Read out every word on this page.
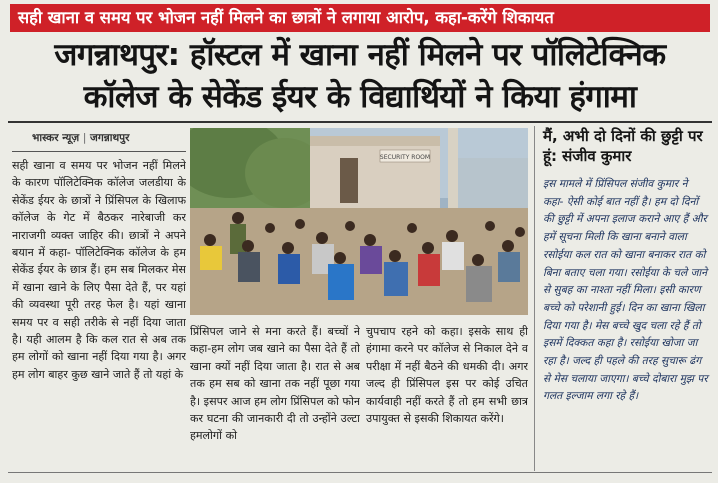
सही खाना व समय पर भोजन नहीं मिलने का छात्रों ने लगाया आरोप, कहा-करेंगे शिकायत
जगन्नाथपुर: हॉस्टल में खाना नहीं मिलने पर पॉलिटेक्निक
कॉलेज के सेकेंड ईयर के विद्यार्थियों ने किया हंगामा
भास्कर न्यूज़ | जगन्नाथपुर
सही खाना व समय पर भोजन नहीं मिलने के कारण पॉलिटेक्निक कॉलेज जलडीया के सेकेंड ईयर के छात्रों ने प्रिंसिपल के खिलाफ कॉलेज के गेट में बैठकर नारेबाजी कर नाराजगी व्यक्त जाहिर की। छात्रों ने अपने बयान में कहा- पॉलिटेक्निक कॉलेज के हम सेकेंड ईयर के छात्र हैं। हम सब मिलकर मेस में खाना खाने के लिए पैसा देते हैं, पर यहां की व्यवस्था पूरी तरह फेल है। यहां खाना समय पर व सही तरीके से नहीं दिया जाता है। यही आलम है कि कल रात से अब तक हम लोगों को खाना नहीं दिया गया है। अगर हम लोग बाहर कुछ खाने जाते हैं तो यहां के
SECURITY ROOM
प्रिंसिपल जाने से मना करते हैं। बच्चों ने कहा-हम लोग जब खाने का पैसा देते हैं तो खाना क्यों नहीं दिया जाता है। रात से अब तक हम सब को खाना तक नहीं पूछा गया है। इसपर आज हम लोग प्रिंसिपल को फोन कर घटना की जानकारी दी तो उन्होंने उल्टा हमलोगों को
चुपचाप रहने को कहा। इसके साथ ही हंगामा करने पर कॉलेज से निकाल देने व परीक्षा में नहीं बैठने की धमकी दी। अगर जल्द ही प्रिंसिपल इस पर कोई उचित कार्यवाही नहीं करते हैं तो हम सभी छात्र उपायुक्त से इसकी शिकायत करेंगे।
मैं, अभी दो दिनों की छुट्टी पर हूं: संजीव कुमार
इस मामले में प्रिंसिपल संजीव कुमार ने कहा- ऐसी कोई बात नहीं है। हम दो दिनों की छुट्टी में अपना इलाज कराने आए हैं और हमें सूचना मिली कि खाना बनाने वाला रसोईया कल रात को खाना बनाकर रात को बिना बताए चला गया। रसोईया के चले जाने से सुबह का नाश्ता नहीं मिला। इसी कारण बच्चे को परेशानी हुई। दिन का खाना खिला दिया गया है। मेस बच्चे खुद चला रहे हैं तो इसमें दिक्कत कहा है। रसोईया खोजा जा रहा है। जल्द ही पहले की तरह सुचारू ढंग से मेस चलाया जाएगा। बच्चे दोबारा मुझ पर गलत इल्जाम लगा रहे हैं।
